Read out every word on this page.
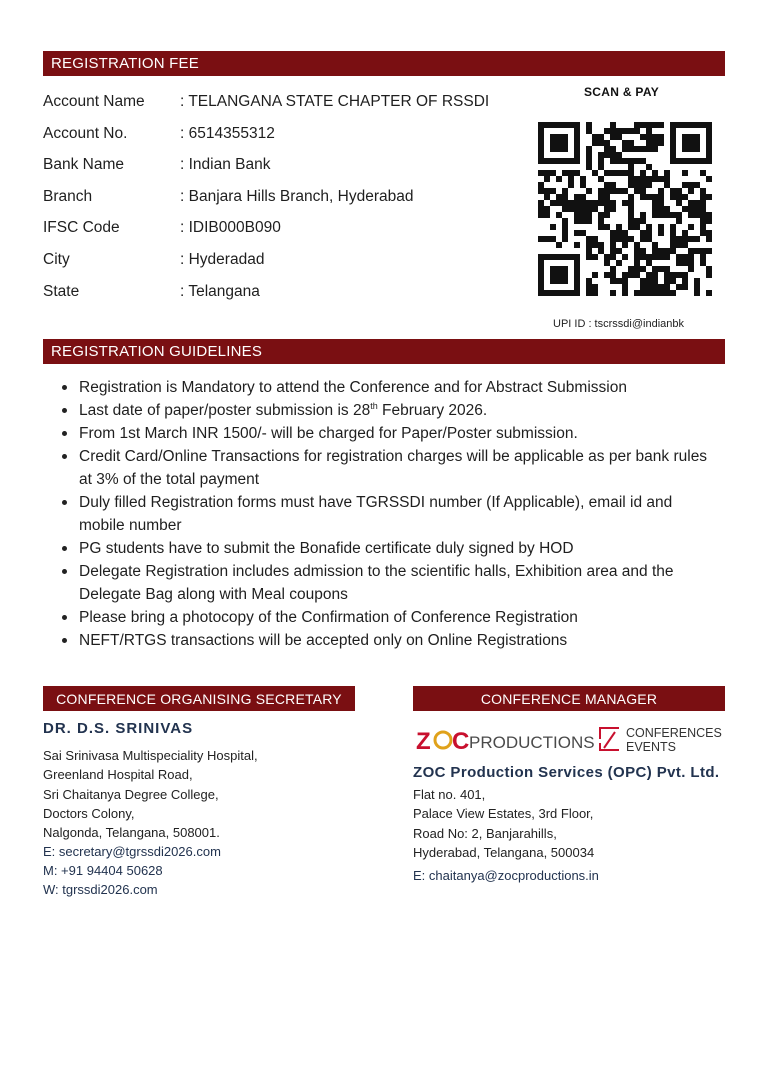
REGISTRATION FEE
Account Name	: TELANGANA STATE CHAPTER OF RSSDI
Account No.	: 6514355312
Bank Name	: Indian Bank
Branch	: Banjara Hills Branch, Hyderabad
IFSC Code	: IDIB000B090
City	: Hyderadad
State	: Telangana
SCAN & PAY
UPI ID : tscrssdi@indianbk
REGISTRATION GUIDELINES
Registration is Mandatory to attend the Conference and for Abstract Submission
Last date of paper/poster submission is 28th February 2026.
From 1st March INR 1500/- will be charged for Paper/Poster submission.
Credit Card/Online Transactions for registration charges will be applicable as per bank rules at 3% of the total payment
Duly filled Registration forms must have TGRSSDI number (If Applicable), email id and mobile number
PG students have to submit the Bonafide certificate duly signed by HOD
Delegate Registration includes admission to the scientific halls, Exhibition area and the Delegate Bag along with Meal coupons
Please bring a photocopy of the Confirmation of Conference Registration
NEFT/RTGS transactions will be accepted only on Online Registrations
CONFERENCE ORGANISING SECRETARY
DR. D.S. SRINIVAS
Sai Srinivasa Multispeciality Hospital,
Greenland Hospital Road,
Sri Chaitanya Degree College,
Doctors Colony,
Nalgonda, Telangana, 508001.
E: secretary@tgrssdi2026.com
M: +91 94404 50628
W: tgrssdi2026.com
CONFERENCE MANAGER
Z C PRODUCTIONS	CONFERENCES
EVENTS
ZOC Production Services (OPC) Pvt. Ltd.
Flat no. 401,
Palace View Estates, 3rd Floor,
Road No: 2, Banjarahills,
Hyderabad, Telangana, 500034
E: chaitanya@zocproductions.in
